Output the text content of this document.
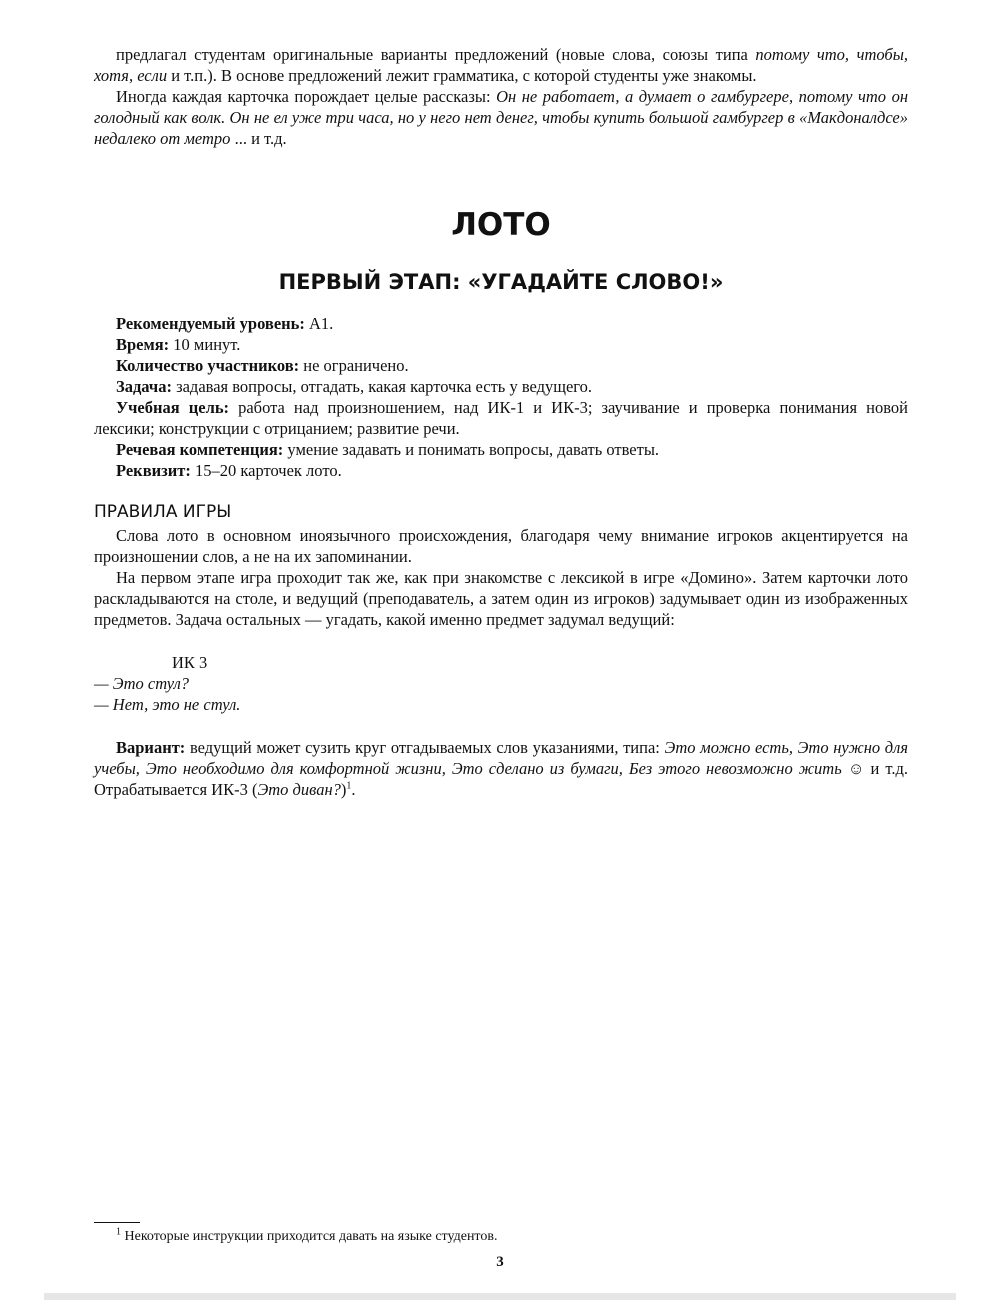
предлагал студентам оригинальные варианты предложений (новые слова, союзы типа потому что, чтобы, хотя, если и т.п.). В основе предложений лежит грамматика, с которой студенты уже знакомы.

Иногда каждая карточка порождает целые рассказы: Он не работает, а думает о гамбургере, потому что он голодный как волк. Он не ел уже три часа, но у него нет денег, чтобы купить большой гамбургер в «Макдоналдсе» недалеко от метро ... и т.д.

ЛОТО
ПЕРВЫЙ ЭТАП: «УГАДАЙТЕ СЛОВО!»

Рекомендуемый уровень: A1.

Время: 10 минут.

Количество участников: не ограничено.

Задача: задавая вопросы, отгадать, какая карточка есть у ведущего.

Учебная цель: работа над произношением, над ИК-1 и ИК-3; заучивание и проверка понимания новой лексики; конструкции с отрицанием; развитие речи.

Речевая компетенция: умение задавать и понимать вопросы, давать ответы.

Реквизит: 15–20 карточек лото.

ПРАВИЛА ИГРЫ

Слова лото в основном иноязычного происхождения, благодаря чему внимание игроков акцентируется на произношении слов, а не на их запоминании.

На первом этапе игра проходит так же, как при знакомстве с лексикой в игре «Домино». Затем карточки лото раскладываются на столе, и ведущий (преподаватель, а затем один из игроков) задумывает один из изображенных предметов. Задача остальных — угадать, какой именно предмет задумал ведущий:

ИК 3
— Это стул?
— Нет, это не стул.

Вариант: ведущий может сузить круг отгадываемых слов указаниями, типа: Это можно есть, Это нужно для учебы, Это необходимо для комфортной жизни, Это сделано из бумаги, Без этого невозможно жить ☺ и т.д. Отрабатывается ИК-3 (Это диван?)$^1$.

$^1$ Некоторые инструкции приходится давать на языке студентов.
3
